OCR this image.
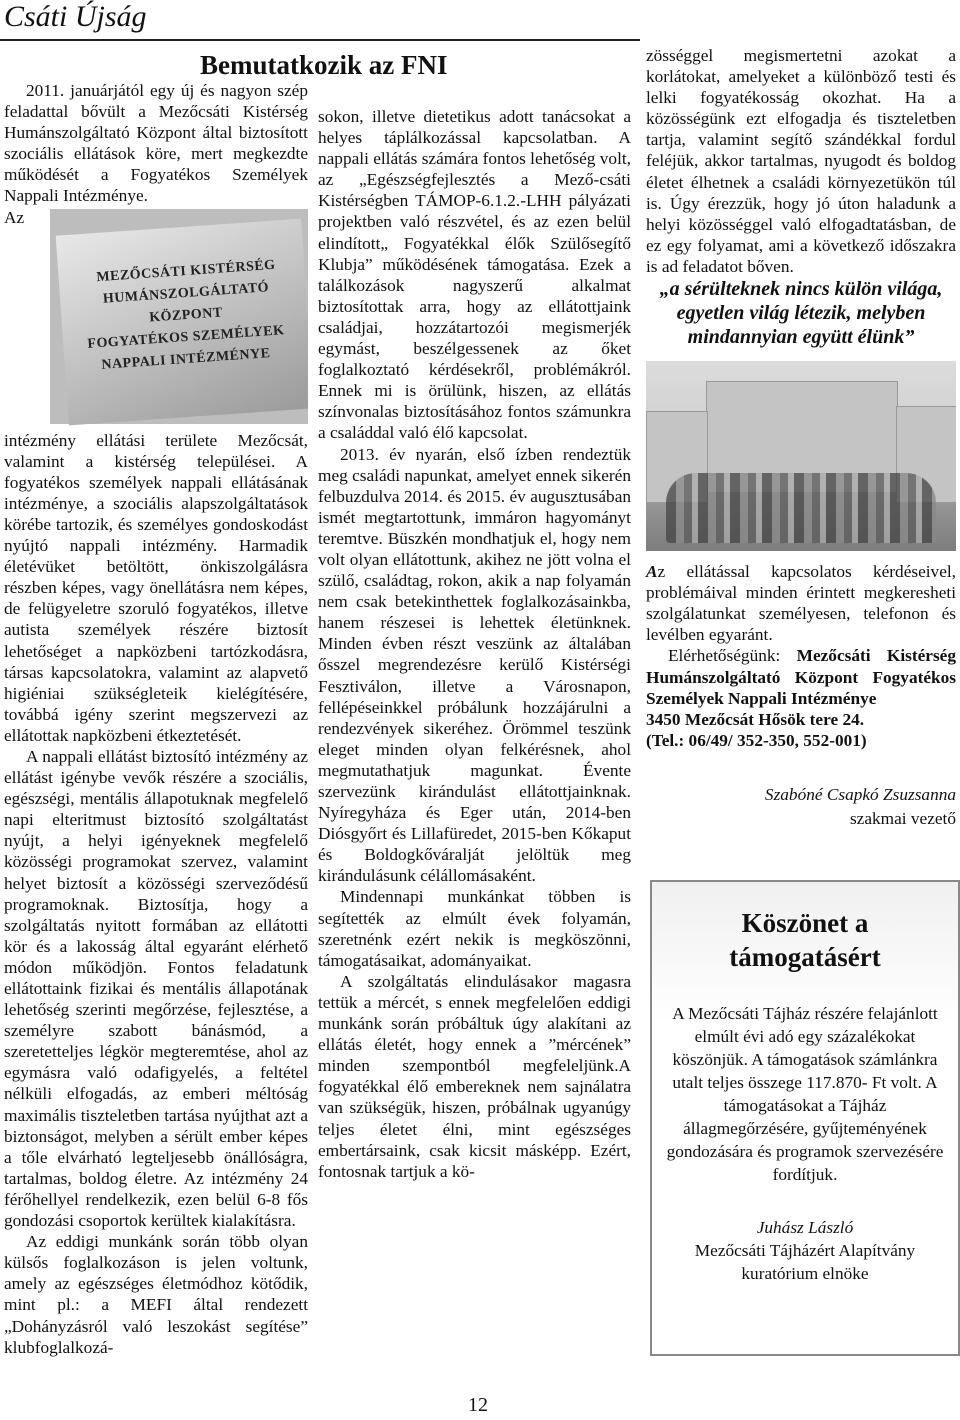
Csáti Újság
Bemutatkozik az FNI

2011. januárjától egy új és nagyon szép feladattal bővült a Mezőcsáti Kistérség Humánszolgáltató Központ által biztosított szociális ellátások köre, mert megkezdte működését a Fogyatékos Személyek Nappali Intézménye.

MEZŐCSÁTI KISTÉRSÉG
HUMÁNSZOLGÁLTATÓ
KÖZPONT
FOGYATÉKOS SZEMÉLYEK
NAPPALI INTÉZMÉNYE

Az intézmény ellátási területe Mezőcsát, valamint a kistérség települései. A fogyatékos személyek nappali ellátásának intézménye, a szociális alapszolgáltatások körébe tartozik, és személyes gondoskodást nyújtó nappali intézmény. Harmadik életévüket betöltött, önkiszolgálásra részben képes, vagy önellátásra nem képes, de felügyeletre szoruló fogyatékos, illetve autista személyek részére biztosít lehetőséget a napközbeni tartózkodásra, társas kapcsolatokra, valamint az alapvető higiéniai szükségleteik kielégítésére, továbbá igény szerint megszervezi az ellátottak napközbeni étkeztetését.

A nappali ellátást biztosító intézmény az ellátást igénybe vevők részére a szociális, egészségi, mentális állapotuknak megfelelő napi elteritmust biztosító szolgáltatást nyújt, a helyi igényeknek megfelelő közösségi programokat szervez, valamint helyet biztosít a közösségi szerveződésű programoknak. Biztosítja, hogy a szolgáltatás nyitott formában az ellátotti kör és a lakosság által egyaránt elérhető módon működjön. Fontos feladatunk ellátottaink fizikai és mentális állapotának lehetőség szerinti megőrzése, fejlesztése, a személyre szabott bánásmód, a szeretetteljes légkör megteremtése, ahol az egymásra való odafigyelés, a feltétel nélküli elfogadás, az emberi méltóság maximális tiszteletben tartása nyújthat azt a biztonságot, melyben a sérült ember képes a tőle elvárható legteljesebb önállóságra, tartalmas, boldog életre. Az intézmény 24 férőhellyel rendelkezik, ezen belül 6-8 fős gondozási csoportok kerültek kialakításra.

Az eddigi munkánk során több olyan külsős foglalkozáson is jelen voltunk, amely az egészséges életmódhoz kötődik, mint pl.: a MEFI által rendezett „Dohányzásról való leszokást segítése” klubfoglalkozá-

sokon, illetve dietetikus adott tanácsokat a helyes táplálkozással kapcsolatban. A nappali ellátás számára fontos lehetőség volt, az „Egészségfejlesztés a Mező-csáti Kistérségben TÁMOP-6.1.2.-LHH pályázati projektben való részvétel, és az ezen belül elindított„ Fogyatékkal élők Szülősegítő Klubja” működésének támogatása. Ezek a találkozások nagyszerű alkalmat biztosítottak arra, hogy az ellátottjaink családjai, hozzátartozói megismerjék egymást, beszélgessenek az őket foglalkoztató kérdésekről, problémákról. Ennek mi is örülünk, hiszen, az ellátás színvonalas biztosításához fontos számunkra a családdal való élő kapcsolat.

2013. év nyarán, első ízben rendeztük meg családi napunkat, amelyet ennek sikerén felbuzdulva 2014. és 2015. év augusztusában ismét megtartottunk, immáron hagyományt teremtve. Büszkén mondhatjuk el, hogy nem volt olyan ellátottunk, akihez ne jött volna el szülő, családtag, rokon, akik a nap folyamán nem csak betekinthettek foglalkozásainkba, hanem részesei is lehettek életünknek. Minden évben részt veszünk az általában ősszel megrendezésre kerülő Kistérségi Fesztiválon, illetve a Városnapon, fellépéseinkkel próbálunk hozzájárulni a rendezvények sikeréhez. Örömmel teszünk eleget minden olyan felkérésnek, ahol megmutathatjuk magunkat. Évente szervezünk kirándulást ellátottjainknak. Nyíregyháza és Eger után, 2014-ben Diósgyőrt és Lillafüredet, 2015-ben Kőkaput és Boldogkőváralját jelöltük meg kirándulásunk célállomásaként.

Mindennapi munkánkat többen is segítették az elmúlt évek folyamán, szeretnénk ezért nekik is megköszönni, támogatásaikat, adományaikat.

A szolgáltatás elindulásakor magasra tettük a mércét, s ennek megfelelően eddigi munkánk során próbáltuk úgy alakítani az ellátás életét, hogy ennek a ”mércének” minden szempontból megfeleljünk.A fogyatékkal élő embereknek nem sajnálatra van szükségük, hiszen, próbálnak ugyanúgy teljes életet élni, mint egészséges embertársaink, csak kicsit másképp. Ezért, fontosnak tartjuk a kö-

zösséggel megismertetni azokat a korlátokat, amelyeket a különböző testi és lelki fogyatékosság okozhat. Ha a közösségünk ezt elfogadja és tiszteletben tartja, valamint segítő szándékkal fordul feléjük, akkor tartalmas, nyugodt és boldog életet élhetnek a családi környezetükön túl is. Úgy érezzük, hogy jó úton haladunk a helyi közösséggel való elfogadtatásban, de ez egy folyamat, ami a következő időszakra is ad feladatot bőven.

„a sérülteknek nincs külön világa, egyetlen világ létezik, melyben mindannyian együtt élünk”

Az ellátással kapcsolatos kérdéseivel, problémáival minden érintett megkeresheti szolgálatunkat személyesen, telefonon és levélben egyaránt.

Elérhetőségünk: Mezőcsáti Kistérség Humánszolgáltató Központ Fogyatékos Személyek Nappali Intézménye

3450 Mezőcsát Hősök tere 24.

(Tel.: 06/49/ 352-350, 552-001)

Szabóné Csapkó Zsuzsanna
szakmai vezető
Köszönet a
támogatásért
A Mezőcsáti Tájház részére felajánlott elmúlt évi adó egy százalékokat köszönjük. A támogatások számlánkra utalt teljes összege 117.870- Ft volt. A támogatásokat a Tájház állagmegőrzésére, gyűjteményének gondozására és programok szervezésére fordítjuk.
Juhász László
Mezőcsáti Tájházért Alapítvány
kuratórium elnöke
12
